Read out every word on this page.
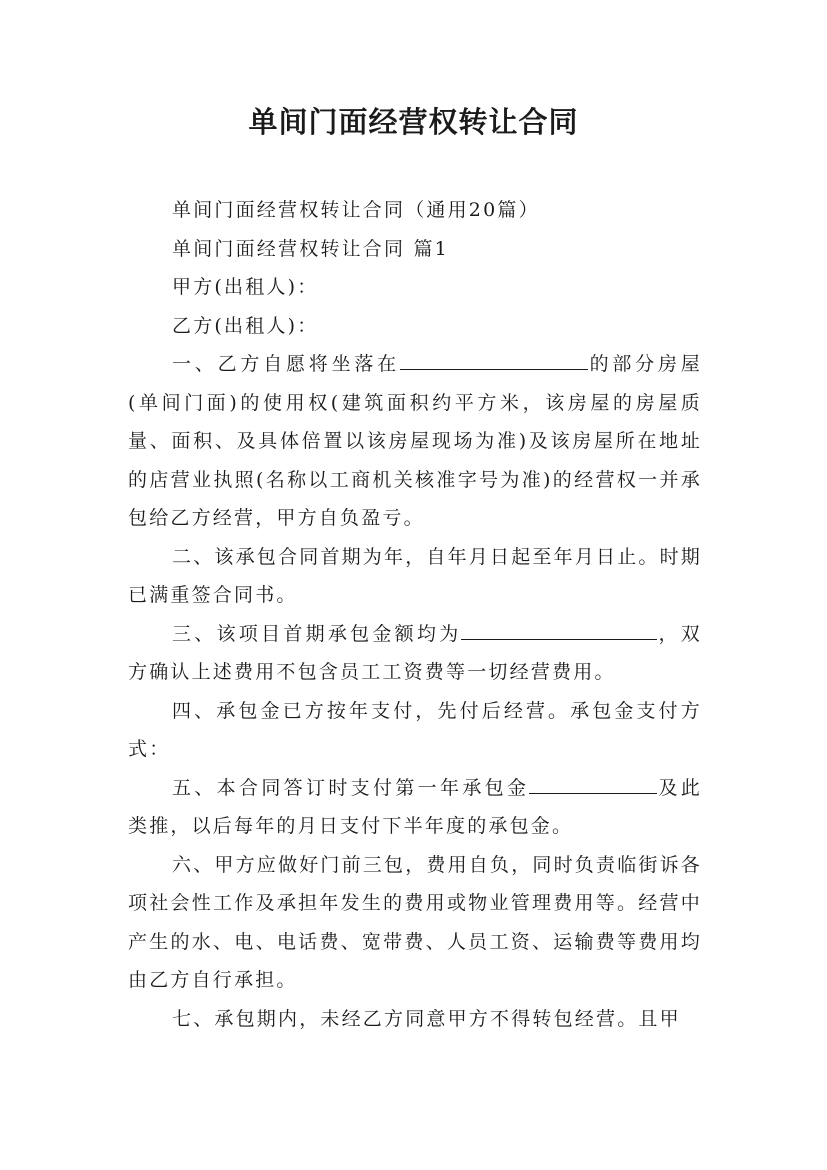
单间门面经营权转让合同

单间门面经营权转让合同（通用20篇）

单间门面经营权转让合同 篇1

甲方(出租人)：

乙方(出租人)：

一、乙方自愿将坐落在	的部分房屋(单间门面)的使用权(建筑面积约平方米，该房屋的房屋质量、面积、及具体倍置以该房屋现场为准)及该房屋所在地址的店营业执照(名称以工商机关核准字号为准)的经营权一并承包给乙方经营，甲方自负盈亏。

二、该承包合同首期为年，自年月日起至年月日止。时期已满重签合同书。

三、该项目首期承包金额均为	，双方确认上述费用不包含员工工资费等一切经营费用。

四、承包金已方按年支付，先付后经营。承包金支付方式：

五、本合同答订时支付第一年承包金	及此类推，以后每年的月日支付下半年度的承包金。

六、甲方应做好门前三包，费用自负，同时负责临街诉各项社会性工作及承担年发生的费用或物业管理费用等。经营中产生的水、电、电话费、宽带费、人员工资、运输费等费用均由乙方自行承担。

七、承包期内，未经乙方同意甲方不得转包经营。且甲
